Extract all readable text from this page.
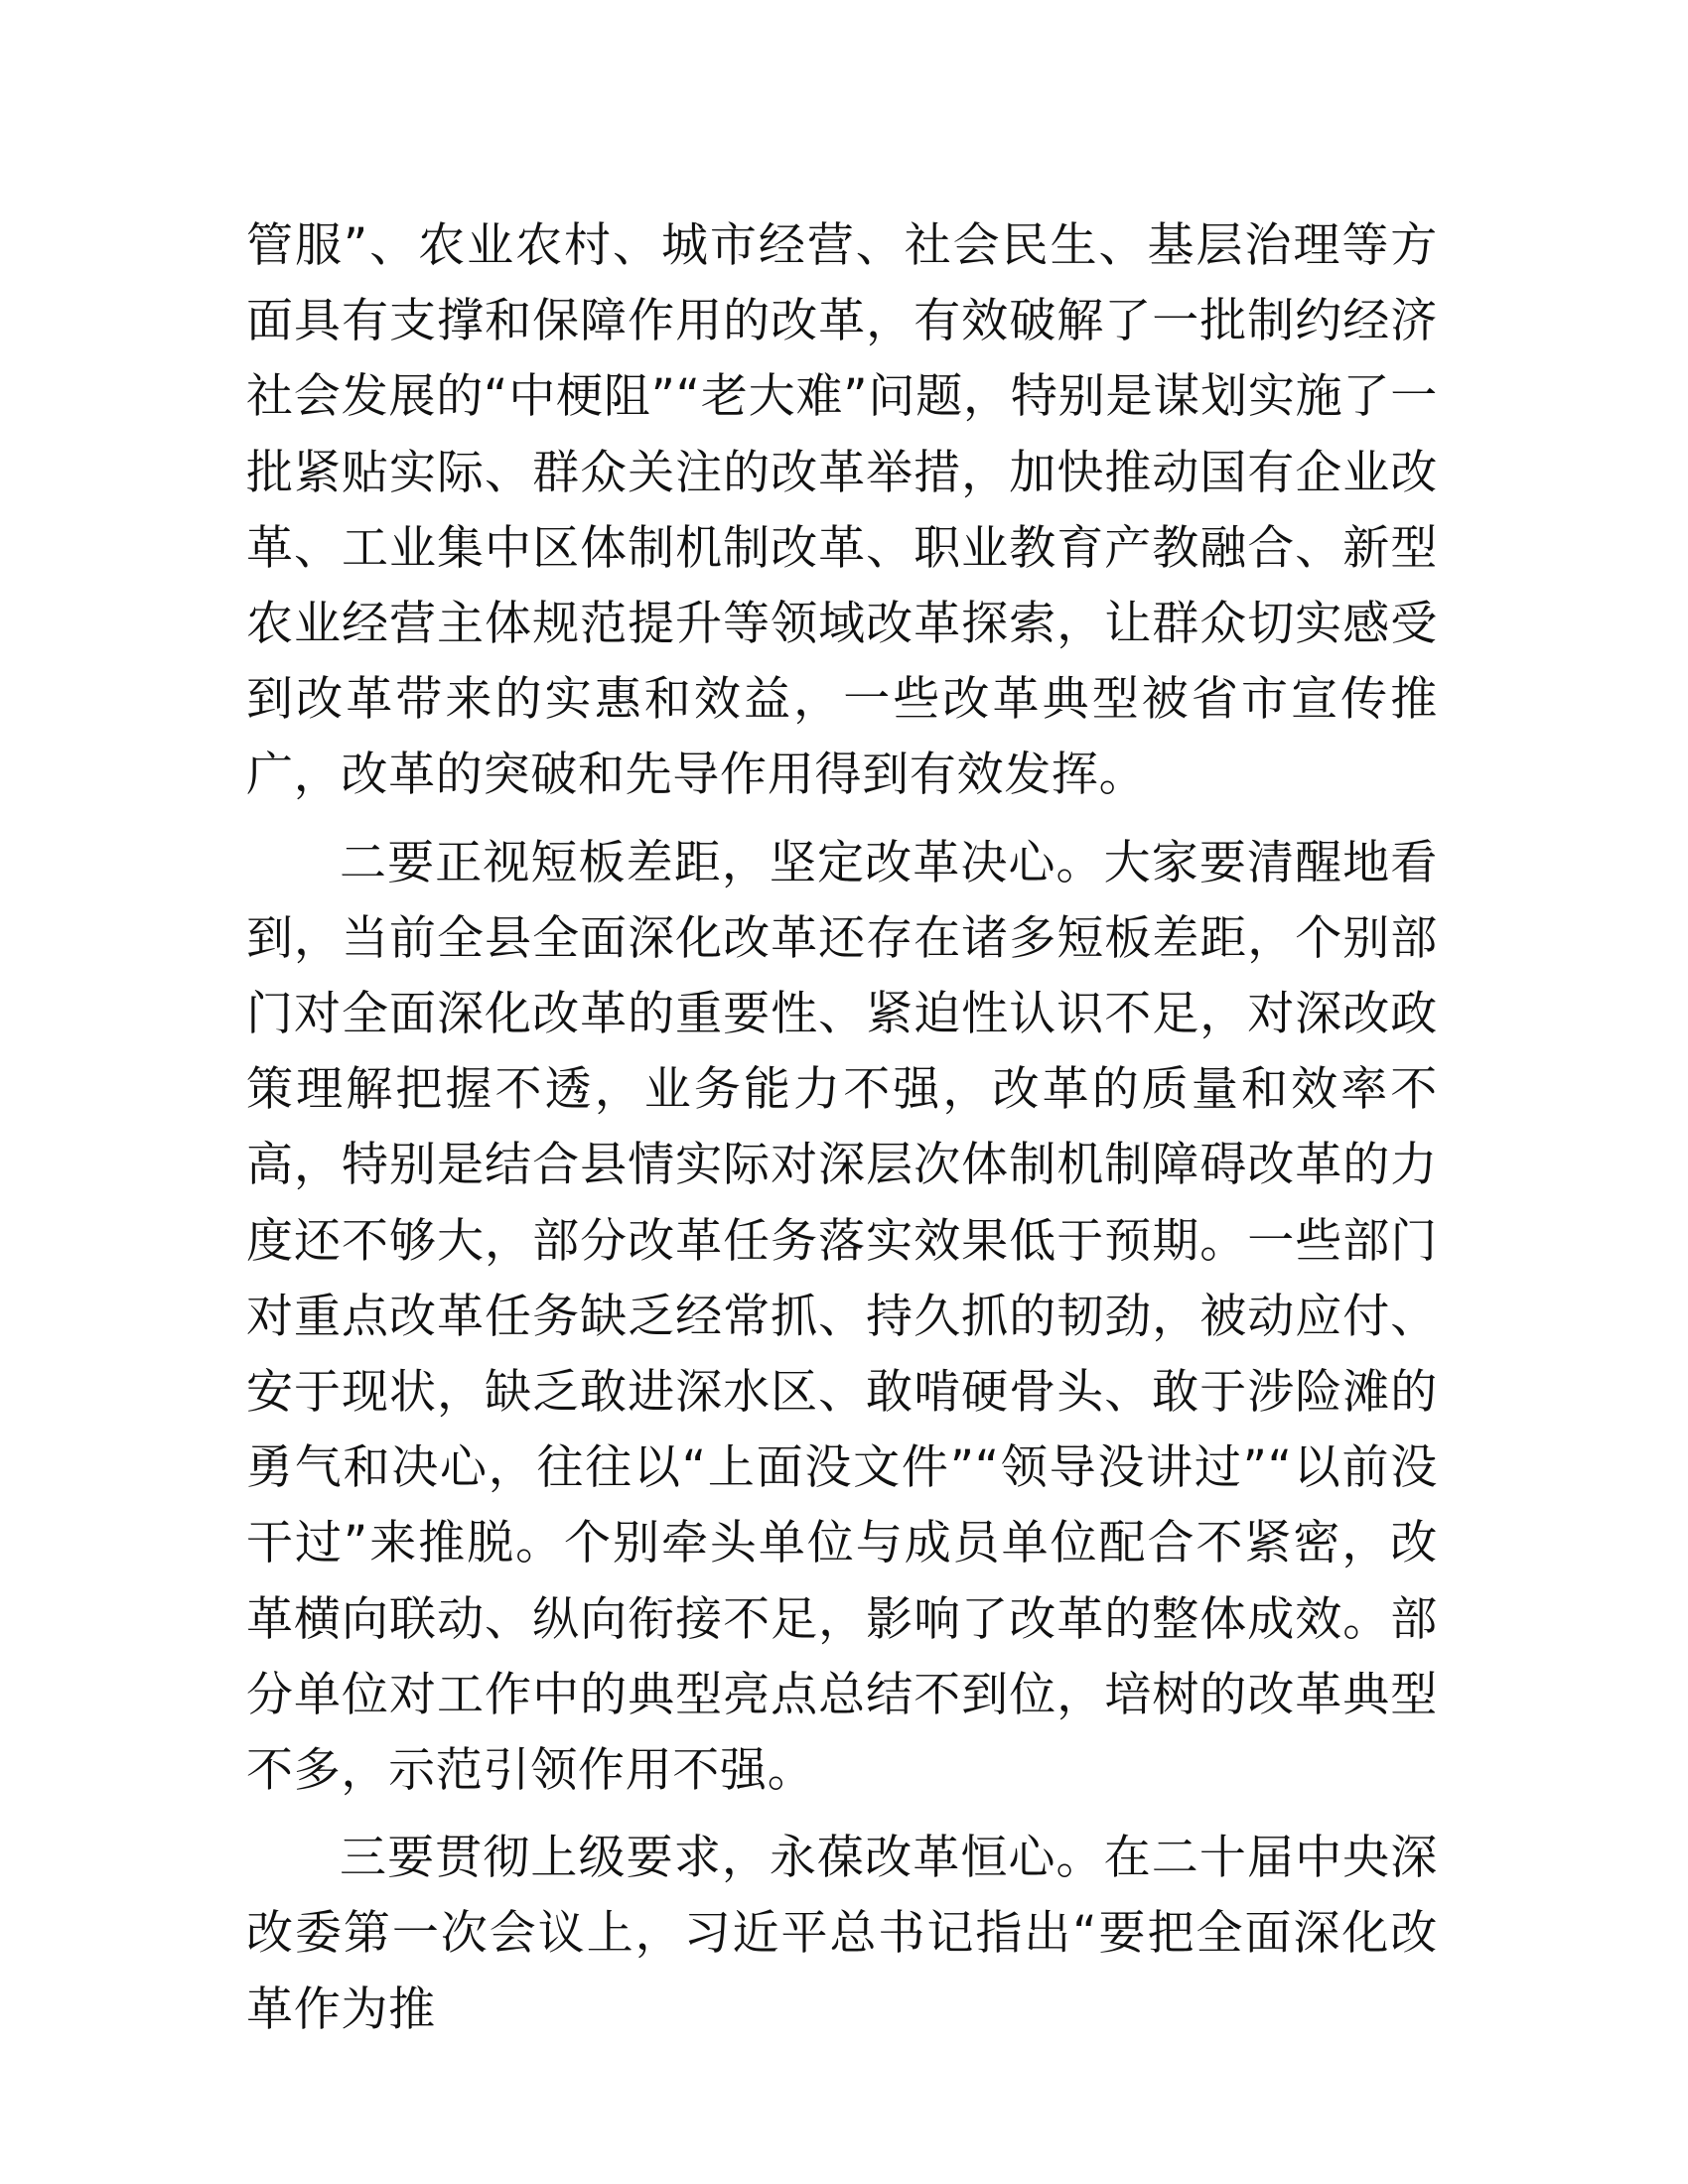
管服”、农业农村、城市经营、社会民生、基层治理等方面具有支撑和保障作用的改革，有效破解了一批制约经济社会发展的“中梗阻”“老大难”问题，特别是谋划实施了一批紧贴实际、群众关注的改革举措，加快推动国有企业改革、工业集中区体制机制改革、职业教育产教融合、新型农业经营主体规范提升等领域改革探索，让群众切实感受到改革带来的实惠和效益，一些改革典型被省市宣传推广，改革的突破和先导作用得到有效发挥。

二要正视短板差距，坚定改革决心。大家要清醒地看到，当前全县全面深化改革还存在诸多短板差距，个别部门对全面深化改革的重要性、紧迫性认识不足，对深改政策理解把握不透，业务能力不强，改革的质量和效率不高，特别是结合县情实际对深层次体制机制障碍改革的力度还不够大，部分改革任务落实效果低于预期。一些部门对重点改革任务缺乏经常抓、持久抓的韧劲，被动应付、安于现状，缺乏敢进深水区、敢啃硬骨头、敢于涉险滩的勇气和决心，往往以“上面没文件”“领导没讲过”“以前没干过”来推脱。个别牵头单位与成员单位配合不紧密，改革横向联动、纵向衔接不足，影响了改革的整体成效。部分单位对工作中的典型亮点总结不到位，培树的改革典型不多，示范引领作用不强。

三要贯彻上级要求，永葆改革恒心。在二十届中央深改委第一次会议上，习近平总书记指出“要把全面深化改革作为推
